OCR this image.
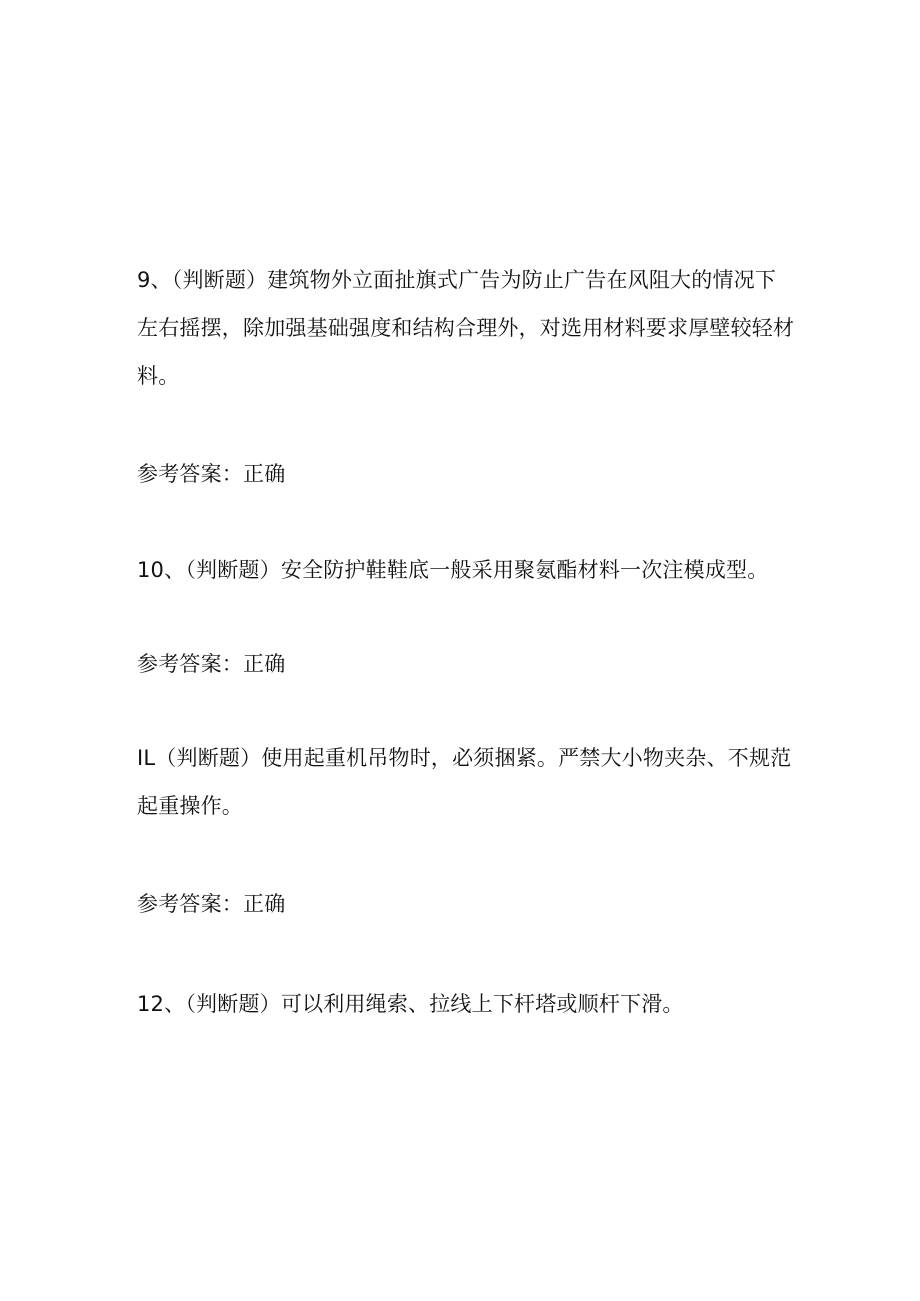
9、（判断题）建筑物外立面扯旗式广告为防止广告在风阻大的情况下左右摇摆，除加强基础强度和结构合理外，对选用材料要求厚壁较轻材料。
参考答案：正确
10、（判断题）安全防护鞋鞋底一般采用聚氨酯材料一次注模成型。
参考答案：正确
IL（判断题）使用起重机吊物时，必须捆紧。严禁大小物夹杂、不规范起重操作。
参考答案：正确
12、（判断题）可以利用绳索、拉线上下杆塔或顺杆下滑。
